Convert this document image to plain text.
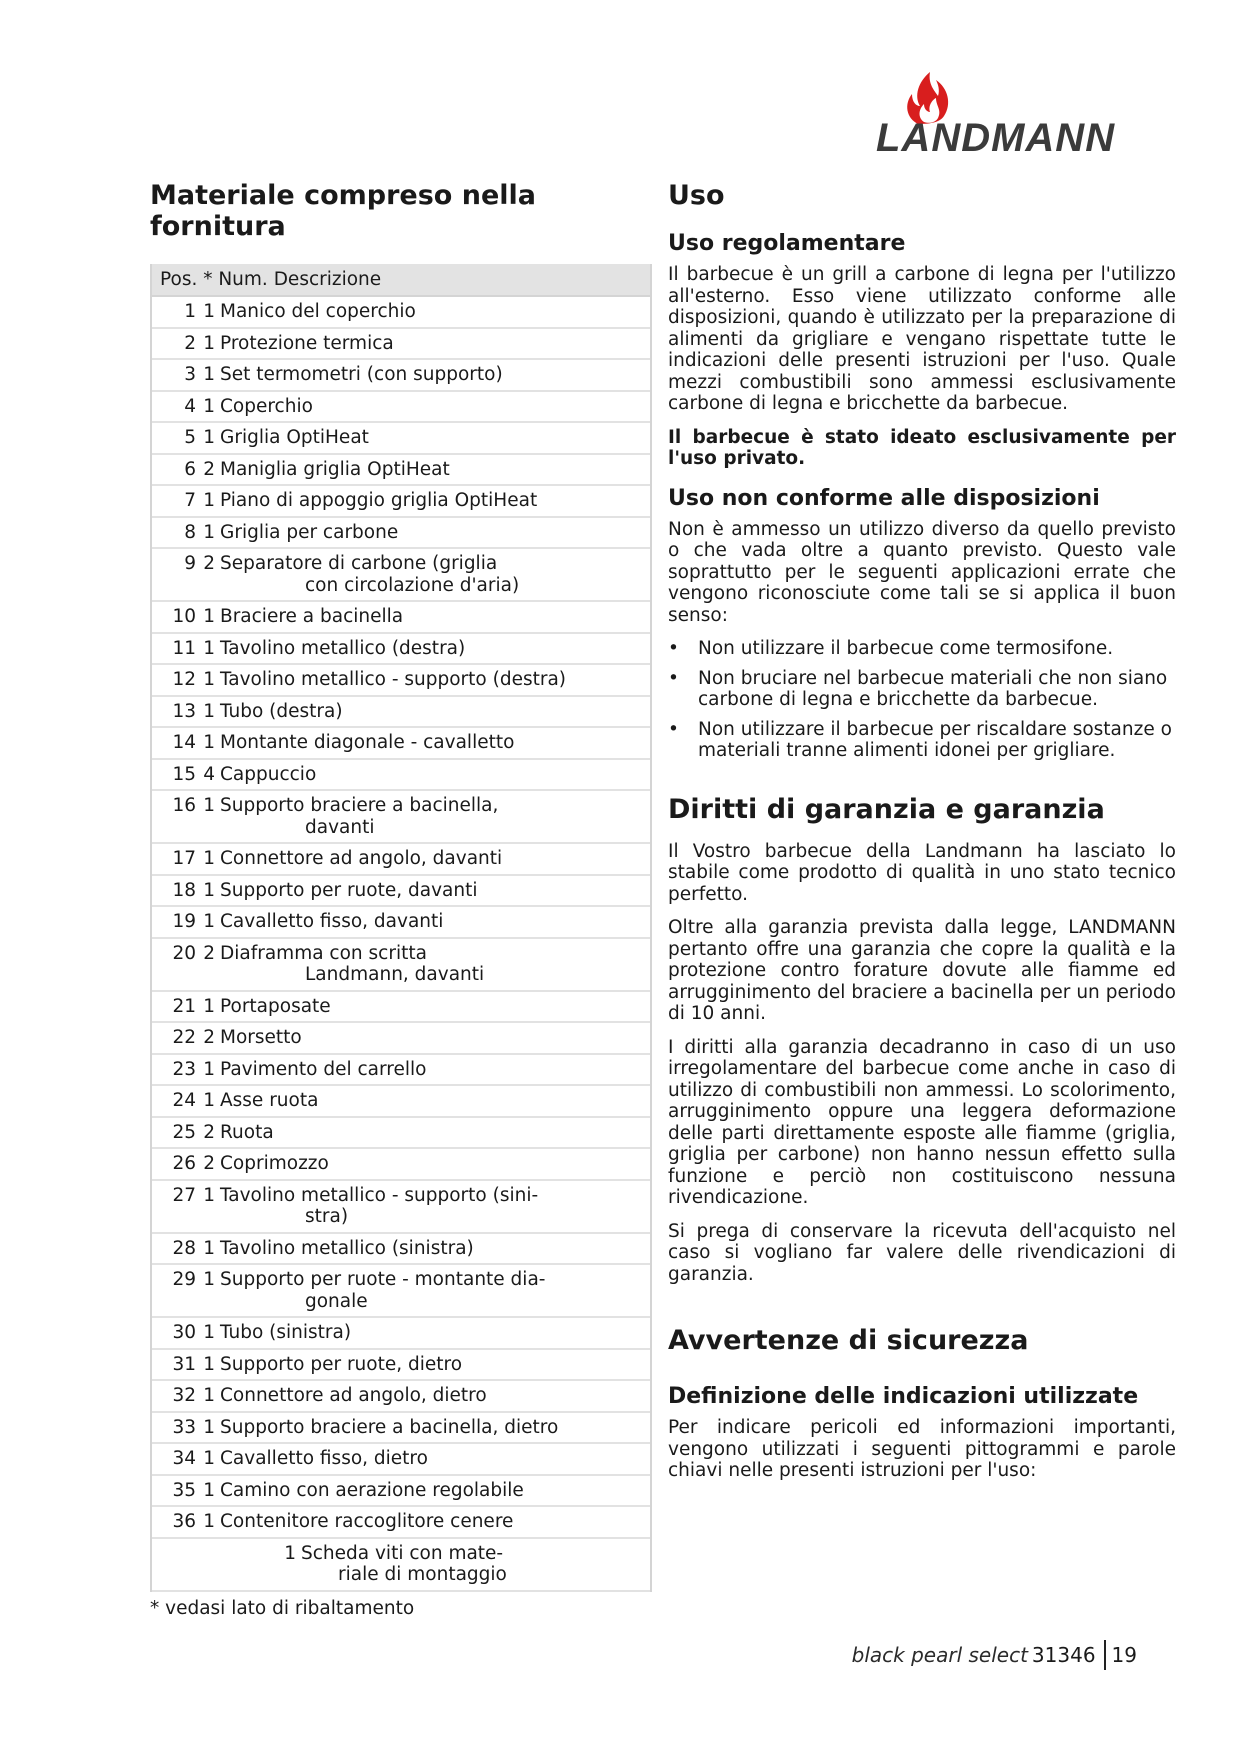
LANDMANN
Materiale compreso nella fornitura
Pos. * Num. Descrizione
1 1 Manico del coperchio
2 1 Protezione termica
3 1 Set termometri (con supporto)
4 1 Coperchio
5 1 Griglia OptiHeat
6 2 Maniglia griglia OptiHeat
7 1 Piano di appoggio griglia OptiHeat
8 1 Griglia per carbone
9 2 Separatore di carbone (griglia
con circolazione d'aria)
10 1 Braciere a bacinella
11 1 Tavolino metallico (destra)
12 1 Tavolino metallico - supporto (destra)
13 1 Tubo (destra)
14 1 Montante diagonale - cavalletto
15 4 Cappuccio
16 1 Supporto braciere a bacinella,
davanti
17 1 Connettore ad angolo, davanti
18 1 Supporto per ruote, davanti
19 1 Cavalletto fisso, davanti
20 2 Diaframma con scritta
Landmann, davanti
21 1 Portaposate
22 2 Morsetto
23 1 Pavimento del carrello
24 1 Asse ruota
25 2 Ruota
26 2 Coprimozzo
27 1 Tavolino metallico - supporto (sini-
stra)
28 1 Tavolino metallico (sinistra)
29 1 Supporto per ruote - montante dia-
gonale
30 1 Tubo (sinistra)
31 1 Supporto per ruote, dietro
32 1 Connettore ad angolo, dietro
33 1 Supporto braciere a bacinella, dietro
34 1 Cavalletto fisso, dietro
35 1 Camino con aerazione regolabile
36 1 Contenitore raccoglitore cenere
1 Scheda viti con mate-
riale di montaggio
* vedasi lato di ribaltamento
Uso
Uso regolamentare

Il barbecue è un grill a carbone di legna per l'utilizzo all'esterno. Esso viene utilizzato conforme alle disposizioni, quando è utilizzato per la preparazione di alimenti da grigliare e vengano rispettate tutte le indicazioni delle presenti istruzioni per l'uso. Quale mezzi combustibili sono ammessi esclusivamente carbone di legna e bricchette da barbecue.

Il barbecue è stato ideato esclusivamente per l'uso privato.

Uso non conforme alle disposizioni

Non è ammesso un utilizzo diverso da quello previsto o che vada oltre a quanto previsto. Questo vale soprattutto per le seguenti applicazioni errate che vengono riconosciute come tali se si applica il buon senso:

• Non utilizzare il barbecue come termosifone.
• Non bruciare nel barbecue materiali che non siano carbone di legna e bricchette da barbecue.
• Non utilizzare il barbecue per riscaldare sostanze o materiali tranne alimenti idonei per grigliare.
Diritti di garanzia e garanzia

Il Vostro barbecue della Landmann ha lasciato lo stabile come prodotto di qualità in uno stato tecnico perfetto.

Oltre alla garanzia prevista dalla legge, LANDMANN pertanto offre una garanzia che copre la qualità e la protezione contro forature dovute alle fiamme ed arrugginimento del braciere a bacinella per un periodo di 10 anni.

I diritti alla garanzia decadranno in caso di un uso irregolamentare del barbecue come anche in caso di utilizzo di combustibili non ammessi. Lo scolorimento, arrugginimento oppure una leggera deformazione delle parti direttamente esposte alle fiamme (griglia, griglia per carbone) non hanno nessun effetto sulla funzione e perciò non costituiscono nessuna rivendicazione.

Si prega di conservare la ricevuta dell'acquisto nel caso si vogliano far valere delle rivendicazioni di garanzia.

Avvertenze di sicurezza
Definizione delle indicazioni utilizzate

Per indicare pericoli ed informazioni importanti, vengono utilizzati i seguenti pittogrammi e parole chiavi nelle presenti istruzioni per l'uso:

black pearl select 31346 19
